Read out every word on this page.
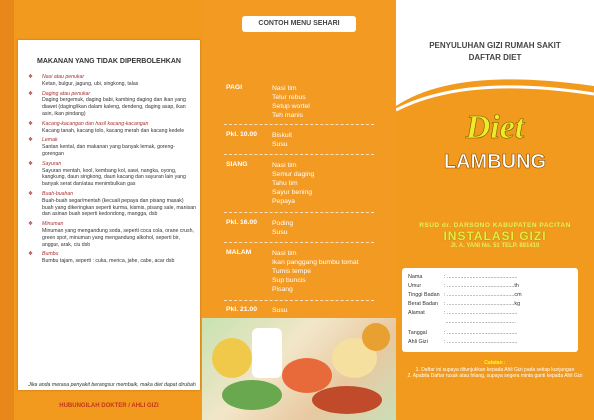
MAKANAN YANG TIDAK DIPERBOLEHKAN
❖ Nasi atau penukar
Ketan, bulgur, jagung, ubi, singkong, talas
❖ Daging atau penukar
Daging bergemuk, daging babi, kambing daging dan ikan yang diawet (daging/ikan dalam kaleng, dendeng, daging asap, ikan asin, ikan pindang)
❖ Kacang-kacangan dan hasil kacang-kacangan
Kacang tanah, kacang tolo, kacang merah dan kacang kedele
❖ Lemak
Santan kental, dan makanan yang banyak lemak, goreng-gorengan
❖ Sayuran
Sayuran mentah, kool, kembang kol, sawi, nangka, oyong, kangkung, daun singkong, daun kacang dan sayuran lain yang banyak serat dan/atau menimbulkan gas
❖ Buah-buahan
Buah-buah segar/mentah (kecuali pepaya dan pisang masak) buah yang dikeringkan seperti kurma, kismis, pisang sale, manisan dan asinan buah seperti kedondong, mangga, dsb
❖ Minuman
Minuman yang mengandung soda, seperti coca cola, orane crush, green spot, minuman yang mengandung alkohol, seperti bir, anggur, arak, ciu dsb
❖ Bumbu
Bumbu tajam, seperti : cuka, merica, jahe, cabe, acar dsb
Jika anda merasa penyakit berangsur membaik, maka diet dapat dirubah
HUBUNGILAH DOKTER / AHLI GIZI
CONTOH MENU SEHARI
PAGI	Nasi tim
Telur rebus
Setup wortel
Teh manis
Pkl. 10.00	Biskuit
Susu
SIANG	Nasi tim
Semur daging
Tahu tim
Sayur bening
Pepaya
Pkl. 16.00	Poding
Susu
MALAM	Nasi tim
Ikan panggang bumbu tomat
Tumis tempe
Sup buncis
Pisang
Pkl. 21.00	Susu
PENYULUHAN GIZI RUMAH SAKIT
DAFTAR DIET
Diet
LAMBUNG
RSUD dr. DARSONO KABUPATEN PACITAN
INSTALASI GIZI
Jl. A. YANI No. 51 TELP. 881410
Nama	: ...............................................
Umur	: .............................................th
Tinggi Badan : .............................................cm
Berat Badan : .............................................kg
Alamat	: ...............................................
...............................................
Tanggal	: ...............................................
Ahli Gizi	: ...............................................
Catatan :
1. Daftar ini supaya ditunjukkan kepada Ahli Gizi pada setiap kunjungan
2. Apabila Daftar rusak atau hilang, supaya segera minta ganti kepada Ahli Gizi
